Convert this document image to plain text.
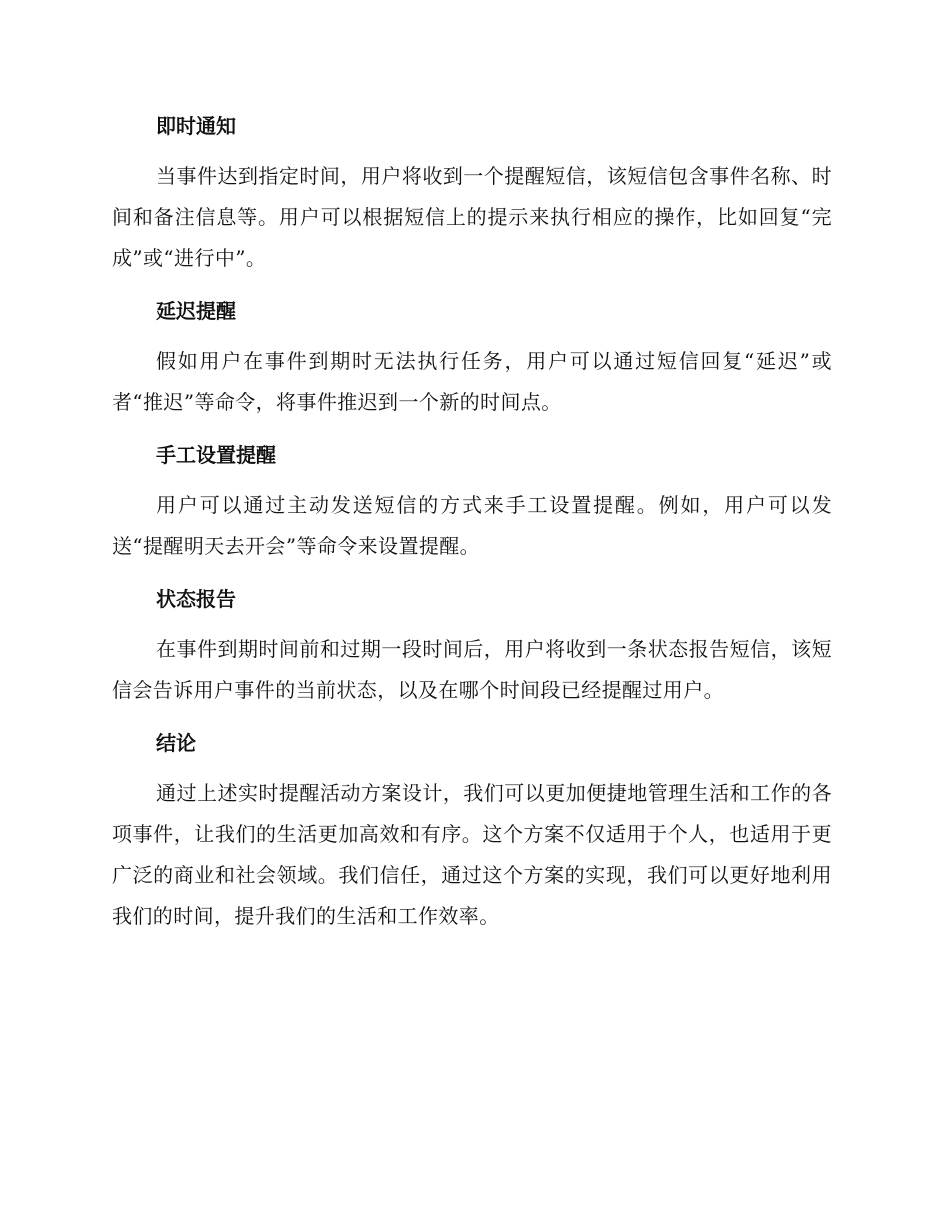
即时通知

当事件达到指定时间，用户将收到一个提醒短信，该短信包含事件名称、时间和备注信息等。用户可以根据短信上的提示来执行相应的操作，比如回复“完成”或“进行中”。

延迟提醒

假如用户在事件到期时无法执行任务，用户可以通过短信回复“延迟”或者“推迟”等命令，将事件推迟到一个新的时间点。

手工设置提醒

用户可以通过主动发送短信的方式来手工设置提醒。例如，用户可以发送“提醒明天去开会”等命令来设置提醒。

状态报告

在事件到期时间前和过期一段时间后，用户将收到一条状态报告短信，该短信会告诉用户事件的当前状态，以及在哪个时间段已经提醒过用户。

结论

通过上述实时提醒活动方案设计，我们可以更加便捷地管理生活和工作的各项事件，让我们的生活更加高效和有序。这个方案不仅适用于个人，也适用于更广泛的商业和社会领域。我们信任，通过这个方案的实现，我们可以更好地利用我们的时间，提升我们的生活和工作效率。
